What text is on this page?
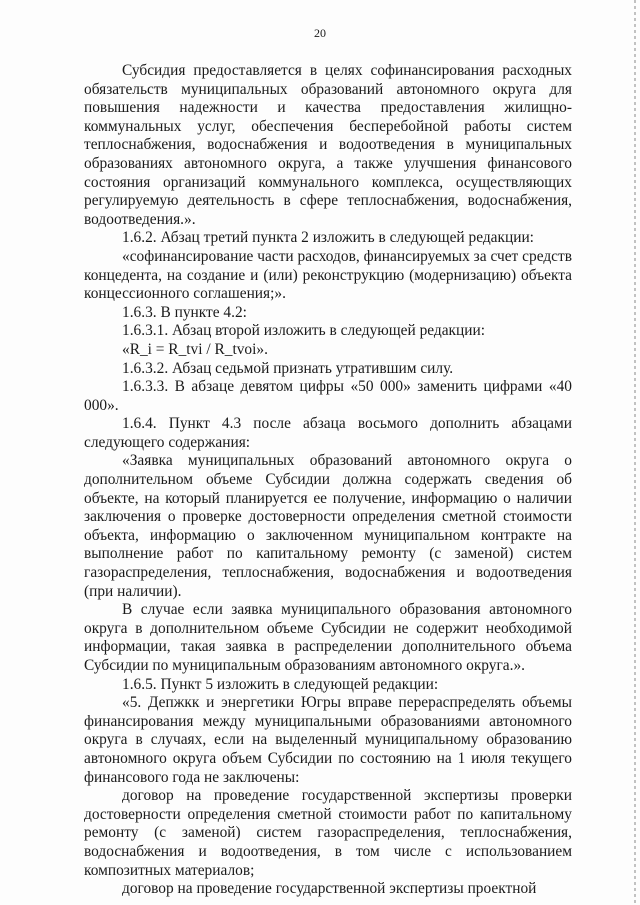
20

Субсидия предоставляется в целях софинансирования расходных обязательств муниципальных образований автономного округа для повышения надежности и качества предоставления жилищно-коммунальных услуг, обеспечения бесперебойной работы систем теплоснабжения, водоснабжения и водоотведения в муниципальных образованиях автономного округа, а также улучшения финансового состояния организаций коммунального комплекса, осуществляющих регулируемую деятельность в сфере теплоснабжения, водоснабжения, водоотведения.».

1.6.2. Абзац третий пункта 2 изложить в следующей редакции:

«софинансирование части расходов, финансируемых за счет средств концедента, на создание и (или) реконструкцию (модернизацию) объекта концессионного соглашения;».

1.6.3. В пункте 4.2:

1.6.3.1. Абзац второй изложить в следующей редакции:

«R_i = R_tvi / R_tvoi».

1.6.3.2. Абзац седьмой признать утратившим силу.

1.6.3.3. В абзаце девятом цифры «50 000» заменить цифрами «40 000».

1.6.4. Пункт 4.3 после абзаца восьмого дополнить абзацами следующего содержания:

«Заявка муниципальных образований автономного округа о дополнительном объеме Субсидии должна содержать сведения об объекте, на который планируется ее получение, информацию о наличии заключения о проверке достоверности определения сметной стоимости объекта, информацию о заключенном муниципальном контракте на выполнение работ по капитальному ремонту (с заменой) систем газораспределения, теплоснабжения, водоснабжения и водоотведения (при наличии).

В случае если заявка муниципального образования автономного округа в дополнительном объеме Субсидии не содержит необходимой информации, такая заявка в распределении дополнительного объема Субсидии по муниципальным образованиям автономного округа.».

1.6.5. Пункт 5 изложить в следующей редакции:

«5. Депжкк и энергетики Югры вправе перераспределять объемы финансирования между муниципальными образованиями автономного округа в случаях, если на выделенный муниципальному образованию автономного округа объем Субсидии по состоянию на 1 июля текущего финансового года не заключены:

договор на проведение государственной экспертизы проверки достоверности определения сметной стоимости работ по капитальному ремонту (с заменой) систем газораспределения, теплоснабжения, водоснабжения и водоотведения, в том числе с использованием композитных материалов;

договор на проведение государственной экспертизы проектной
